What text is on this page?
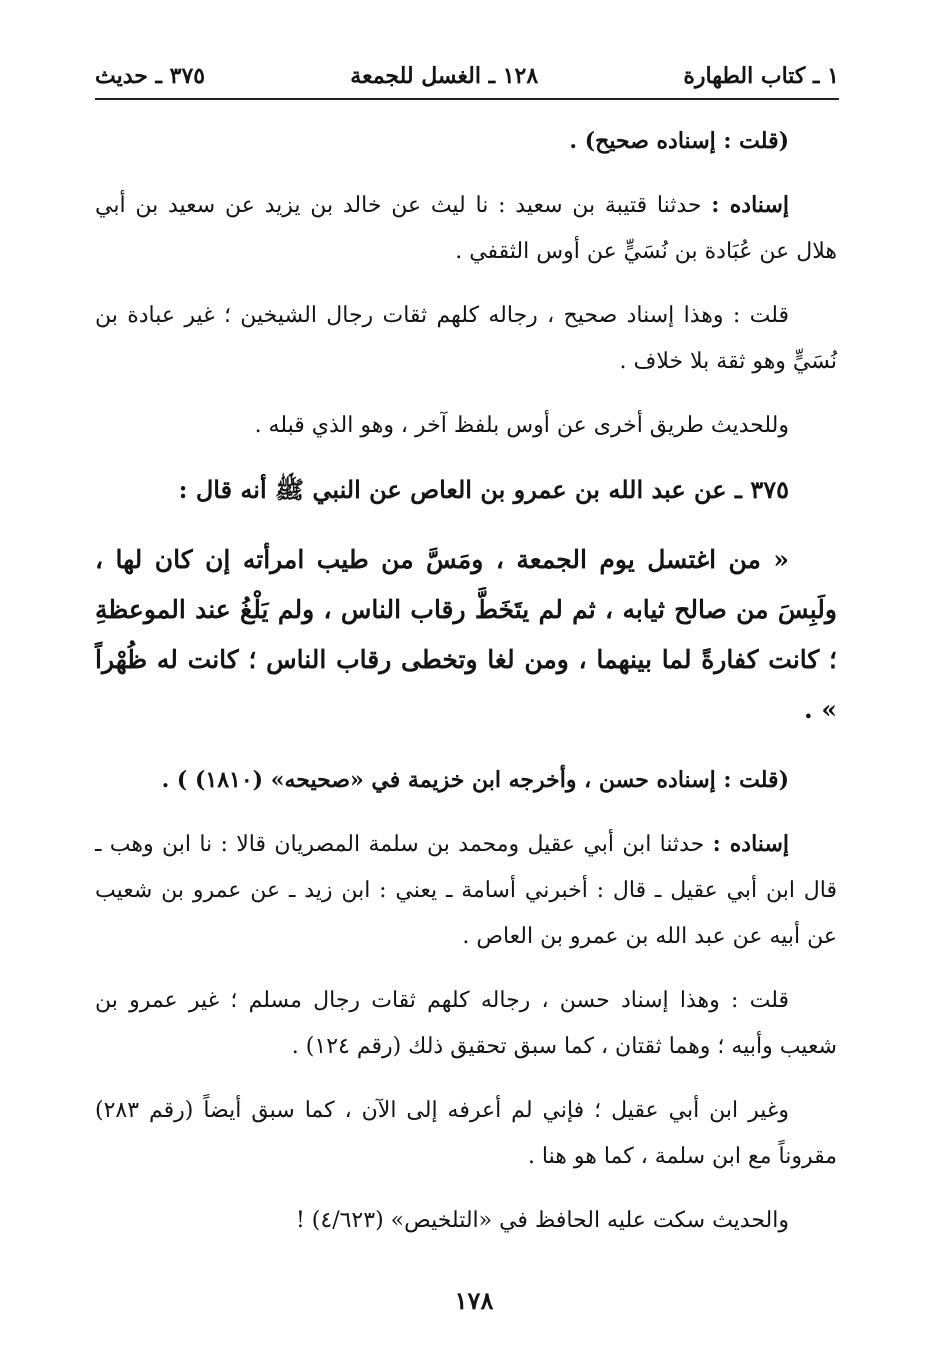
١ ـ كتاب الطهارة
١٢٨ ـ الغسل للجمعة
٣٧٥ ـ حديث

(قلت : إسناده صحيح) .

إسناده : حدثنا قتيبة بن سعيد : نا ليث عن خالد بن يزيد عن سعيد بن أبي هلال عن عُبَادة بن نُسَيٍّ عن أوس الثقفي .

قلت : وهذا إسناد صحيح ، رجاله كلهم ثقات رجال الشيخين ؛ غير عبادة بن نُسَيٍّ وهو ثقة بلا خلاف .

وللحديث طريق أخرى عن أوس بلفظ آخر ، وهو الذي قبله .

٣٧٥ ـ عن عبد الله بن عمرو بن العاص عن النبي ﷺ أنه قال :

« من اغتسل يوم الجمعة ، ومَسَّ من طيب امرأته إن كان لها ، ولَبِسَ من صالح ثيابه ، ثم لم يتَخَطَّ رقاب الناس ، ولم يَلْغُ عند الموعظةِ ؛ كانت كفارةً لما بينهما ، ومن لغا وتخطى رقاب الناس ؛ كانت له ظُهْراً » .

(قلت : إسناده حسن ، وأخرجه ابن خزيمة في «صحيحه» (١٨١٠) ) .

إسناده : حدثنا ابن أبي عقيل ومحمد بن سلمة المصريان قالا : نا ابن وهب ـ قال ابن أبي عقيل ـ قال : أخبرني أسامة ـ يعني : ابن زيد ـ عن عمرو بن شعيب عن أبيه عن عبد الله بن عمرو بن العاص .

قلت : وهذا إسناد حسن ، رجاله كلهم ثقات رجال مسلم ؛ غير عمرو بن شعيب وأبيه ؛ وهما ثقتان ، كما سبق تحقيق ذلك (رقم ١٢٤) .

وغير ابن أبي عقيل ؛ فإني لم أعرفه إلى الآن ، كما سبق أيضاً (رقم ٢٨٣) مقروناً مع ابن سلمة ، كما هو هنا .

والحديث سكت عليه الحافظ في «التلخيص» (٤/٦٢٣) !

١٧٨
